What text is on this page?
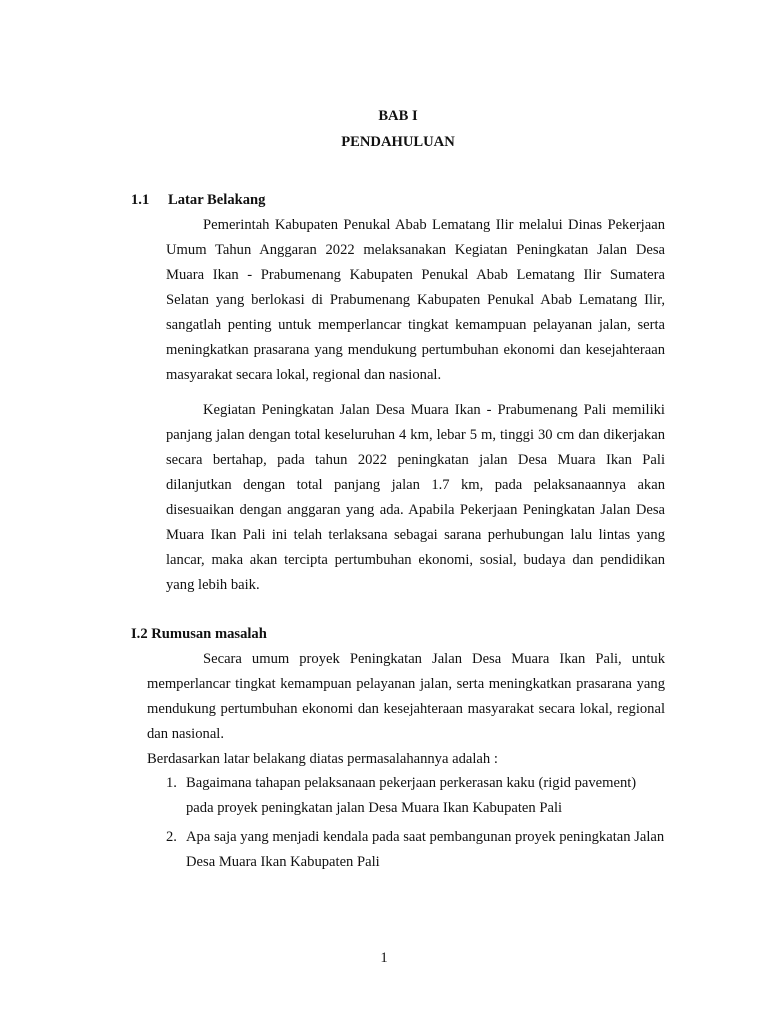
BAB I
PENDAHULUAN
1.1 Latar Belakang

Pemerintah Kabupaten Penukal Abab Lematang Ilir melalui Dinas Pekerjaan Umum Tahun Anggaran 2022 melaksanakan Kegiatan Peningkatan Jalan Desa Muara Ikan - Prabumenang Kabupaten Penukal Abab Lematang Ilir Sumatera Selatan yang berlokasi di Prabumenang Kabupaten Penukal Abab Lematang Ilir, sangatlah penting untuk memperlancar tingkat kemampuan pelayanan jalan, serta meningkatkan prasarana yang mendukung pertumbuhan ekonomi dan kesejahteraan masyarakat secara lokal, regional dan nasional.

Kegiatan Peningkatan Jalan Desa Muara Ikan - Prabumenang Pali memiliki panjang jalan dengan total keseluruhan 4 km, lebar 5 m, tinggi 30 cm dan dikerjakan secara bertahap, pada tahun 2022 peningkatan jalan Desa Muara Ikan Pali dilanjutkan dengan total panjang jalan 1.7 km, pada pelaksanaannya akan disesuaikan dengan anggaran yang ada. Apabila Pekerjaan Peningkatan Jalan Desa Muara Ikan Pali ini telah terlaksana sebagai sarana perhubungan lalu lintas yang lancar, maka akan tercipta pertumbuhan ekonomi, sosial, budaya dan pendidikan yang lebih baik.

I.2 Rumusan masalah

Secara umum proyek Peningkatan Jalan Desa Muara Ikan Pali, untuk memperlancar tingkat kemampuan pelayanan jalan, serta meningkatkan prasarana yang mendukung pertumbuhan ekonomi dan kesejahteraan masyarakat secara lokal, regional dan nasional.

Berdasarkan latar belakang diatas permasalahannya adalah :

1. Bagaimana tahapan pelaksanaan pekerjaan perkerasan kaku (rigid pavement) pada proyek peningkatan jalan Desa Muara Ikan Kabupaten Pali

2. Apa saja yang menjadi kendala pada saat pembangunan proyek peningkatan Jalan Desa Muara Ikan Kabupaten Pali

1
